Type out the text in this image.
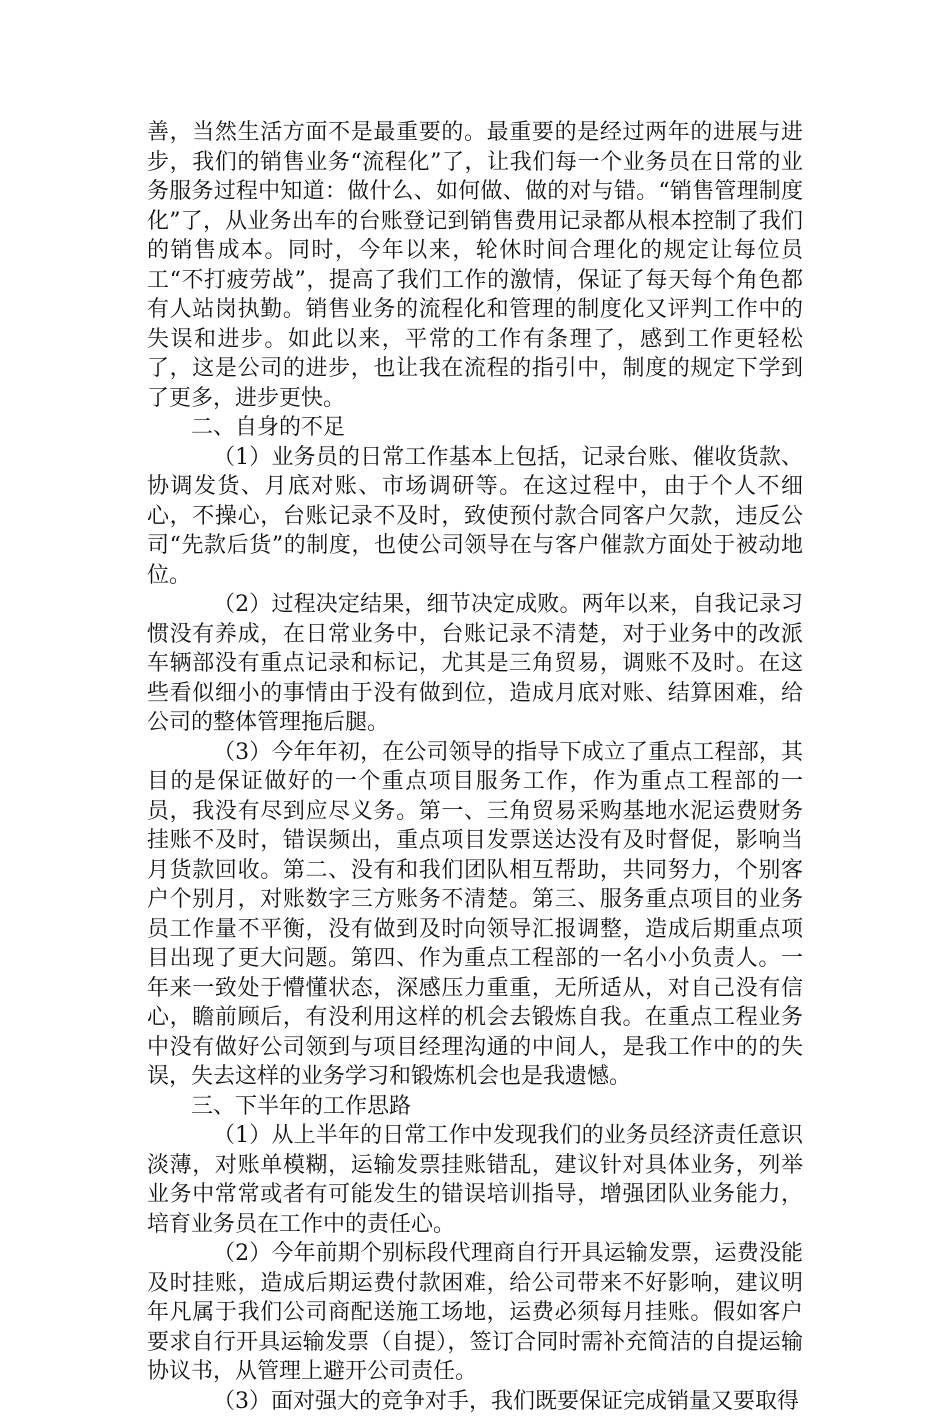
善，当然生活方面不是最重要的。最重要的是经过两年的进展与进步，我们的销售业务“流程化”了，让我们每一个业务员在日常的业务服务过程中知道：做什么、如何做、做的对与错。“销售管理制度化”了，从业务出车的台账登记到销售费用记录都从根本控制了我们的销售成本。同时，今年以来，轮休时间合理化的规定让每位员工“不打疲劳战”，提高了我们工作的激情，保证了每天每个角色都有人站岗执勤。销售业务的流程化和管理的制度化又评判工作中的失误和进步。如此以来，平常的工作有条理了，感到工作更轻松了，这是公司的进步，也让我在流程的指引中，制度的规定下学到了更多，进步更快。

二、自身的不足

（1）业务员的日常工作基本上包括，记录台账、催收货款、协调发货、月底对账、市场调研等。在这过程中，由于个人不细心，不操心，台账记录不及时，致使预付款合同客户欠款，违反公司“先款后货”的制度，也使公司领导在与客户催款方面处于被动地位。

（2）过程决定结果，细节决定成败。两年以来，自我记录习惯没有养成，在日常业务中，台账记录不清楚，对于业务中的改派车辆部没有重点记录和标记，尤其是三角贸易，调账不及时。在这些看似细小的事情由于没有做到位，造成月底对账、结算困难，给公司的整体管理拖后腿。

（3）今年年初，在公司领导的指导下成立了重点工程部，其目的是保证做好的一个重点项目服务工作，作为重点工程部的一员，我没有尽到应尽义务。第一、三角贸易采购基地水泥运费财务挂账不及时，错误频出，重点项目发票送达没有及时督促，影响当月货款回收。第二、没有和我们团队相互帮助，共同努力，个别客户个别月，对账数字三方账务不清楚。第三、服务重点项目的业务员工作量不平衡，没有做到及时向领导汇报调整，造成后期重点项目出现了更大问题。第四、作为重点工程部的一名小小负责人。一年来一致处于懵懂状态，深感压力重重，无所适从，对自己没有信心，瞻前顾后，有没利用这样的机会去锻炼自我。在重点工程业务中没有做好公司领到与项目经理沟通的中间人，是我工作中的的失误，失去这样的业务学习和锻炼机会也是我遗憾。

三、下半年的工作思路

（1）从上半年的日常工作中发现我们的业务员经济责任意识淡薄，对账单模糊，运输发票挂账错乱，建议针对具体业务，列举业务中常常或者有可能发生的错误培训指导，增强团队业务能力，培育业务员在工作中的责任心。

（2）今年前期个别标段代理商自行开具运输发票，运费没能及时挂账，造成后期运费付款困难，给公司带来不好影响，建议明年凡属于我们公司商配送施工场地，运费必须每月挂账。假如客户要求自行开具运输发票（自提），签订合同时需补充简洁的自提运输协议书，从管理上避开公司责任。

（3）面对强大的竞争对手，我们既要保证完成销量又要取得
